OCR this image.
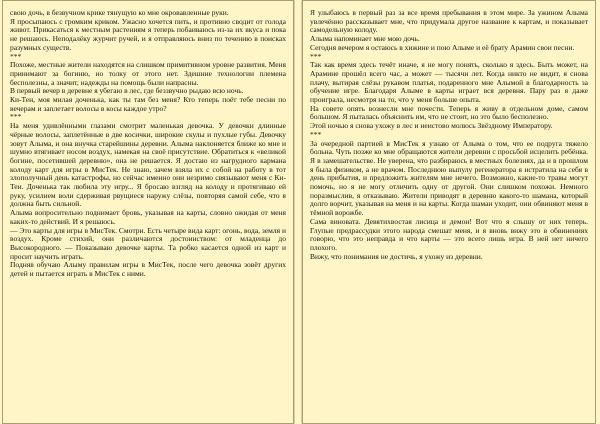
свою дочь, в безвучном крике тянущую ко мне окровавленные руки.

Я просыпаюсь с громким криком. Ужасно хочется пить, и противно сводит от голода живот. Прикасаться к местным растениям я теперь побаиваюсь из-за их вкуса и пока не решаюсь. Неподалёку журчит ручей, и я отправляюсь вниз по течению в поисках разумных существ.

***

Похоже, местные жители находятся на слишком примитивном уровне развития. Меня принимают за богиню, но толку от этого нет. Здешние технологии племена бесполезны, а значит, надежды на помощь были напрасны.

В первый вечер в деревне я убегаю в лес, где беззвучно рыдаю всю ночь.

Ки-Теи, моя милая доченька, как ты там без меня? Кто теперь поёт тебе песни по вечерам и заплетает волосы в косы каждое утро?

***

На меня удивлёнными глазами смотрит маленькая девочка. У девочки длинные чёрные волосы, заплетённые в две косички, широкие скулы и пухлые губы. Девочку зовут Алыма, и она внучка старейшины деревни. Алыма наклоняется ближе ко мне и шумно втягивает носом воздух, намекая на своё присутствие. Обратиться к «великой богине, посетившей деревню», она не решается. Я достаю из нагрудного кармана колоду карт для игры в МисТек. Не знаю, зачем взяла их с собой на работу в тот злополучный день катастрофы, но сейчас именно они незримо связывают меня с Ки-Теи. Доченька так любила эту игру... Я бросаю взгляд на колоду и протягиваю ей руку, усилием воли сдерживая рвущиеся наружу слёзы, повторяя самой себе, что я должна быть сильной.

Алыма вопросительно поднимает бровь, указывая на карты, словно ожидая от меня каких-то действий. И я решаюсь.

— Это карты для игры в МисТек. Смотри. Есть четыре вида карт: огонь, вода, земля и воздух. Кроме стихий, они различаются достоинством: от младенца до Высокородного. — Показываю девочке карты. Та робко касается одной из карт и просит научить играть.

Подняв обучаю Алыму правилам игры в МисТек, после чего девочка зовёт других детей и пытается играть в МисТек с ними.

Я улыбаюсь в первый раз за все время пребывания в этом мире. За ужином Алыма увлечённо рассказывает мне, что придумала другое название к картам, и показывает самодельную колоду.

Алыма напоминает мне мою дочь.

Сегодня вечером я остаюсь в хижине и пою Алыме и её брату Арамин свои песни.

***

Так как время здесь течёт иначе, я не могу понять, сколько я здесь. Быть может, на Арамине прошёл всего час, а может — тысячи лет. Когда никто не видит, я снова плачу, вытирая слёзы рукавом платья, подаренного мне Алымой в благодарность за обучение игре. Благодаря Алыме в карты играет вся деревня. Пару раз я даже проиграла, несмотря на то, что у меня больше опыта.

На совете опять вознесли мне почести. Теперь я живу в отдельном доме, самом большом. Я пыталась объяснить им, что не стоит, но это было бесполезно.

Этой ночью я снова ухожу в лес и неистово молюсь Звёздному Императору.

***

За очередной партией в МисТек я узнаю от Алыма о том, что ее подруга тяжело больна. Чуть позже ко мне обращаются жители деревни с просьбой исцелить ребёнка. Я в замешательстве. Не уверена, что разбираюсь в местных болезнях, да и в прошлом я была физиком, а не врачом. Последнюю выпулу регенератора я истратила на себя в день прибытия, и предложить жителям мне нечего. Возможно, какие-то травы могут помочь, но я не могу отличить одну от другой. Они слишком похожи. Немного поразмыслив, я отказываю. Жители приводят в деревню какого-то шамана, который долго ворчит, указывая на меня и на карты. Когда шаман уходит, они обвиняют меня в тёмной ворожбе.

Сама виновата. Девятихвостая лисица и демон! Вот что я слышу от них теперь. Глупые предрассудки этого народа смешат меня, и я вновь вижу это в обвинениях говорю, что это неправда и что карты — это всего лишь игра. В ней нет ничего плохого.

Вижу, что понимания не достичь, я ухожу из деревни.
